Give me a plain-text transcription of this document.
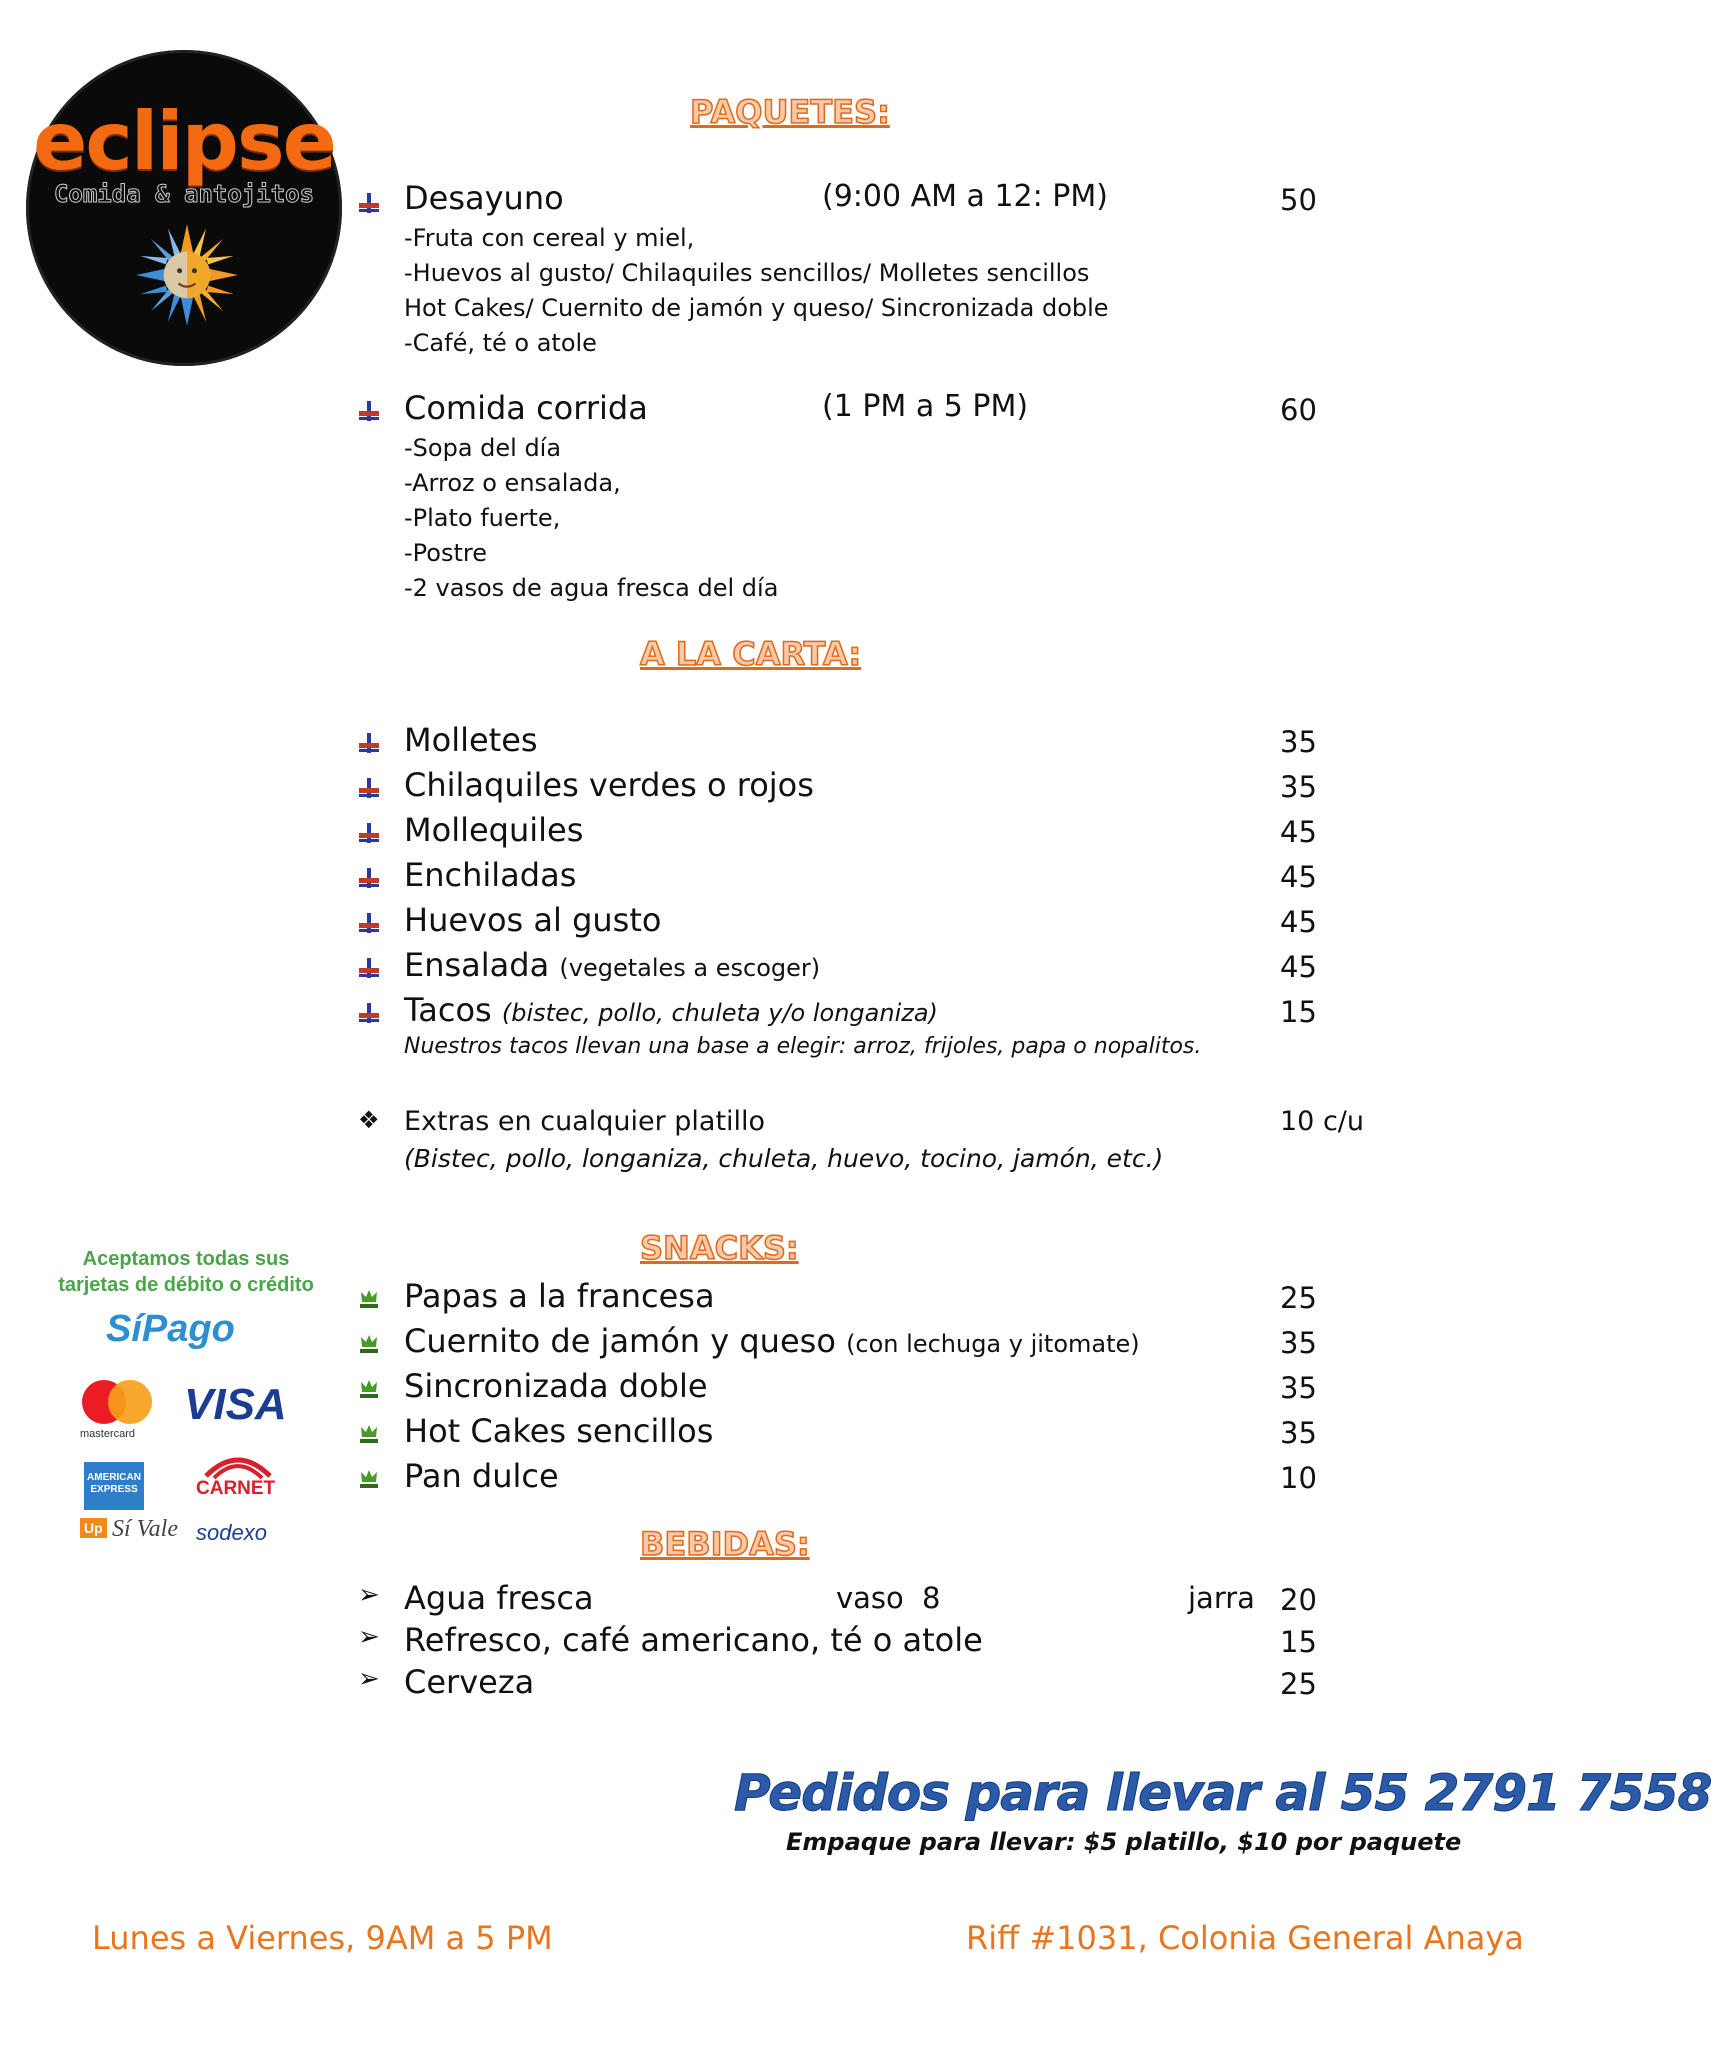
eclipse
Comida & antojitos
PAQUETES:
Desayuno	(9:00 AM a 12: PM)	50
-Fruta con cereal y miel,
-Huevos al gusto/ Chilaquiles sencillos/ Molletes sencillos
Hot Cakes/ Cuernito de jamón y queso/ Sincronizada doble
-Café, té o atole
Comida corrida	(1 PM a 5 PM)	60
-Sopa del día
-Arroz o ensalada,
-Plato fuerte,
-Postre
-2 vasos de agua fresca del día
A LA CARTA:
Molletes	35
Chilaquiles verdes o rojos	35
Mollequiles	45
Enchiladas	45
Huevos al gusto	45
Ensalada (vegetales a escoger)	45
Tacos (bistec, pollo, chuleta y/o longaniza)	15
Nuestros tacos llevan una base a elegir: arroz, frijoles, papa o nopalitos.
❖ Extras en cualquier platillo	10 c/u
(Bistec, pollo, longaniza, chuleta, huevo, tocino, jamón, etc.)
SNACKS:
Papas a la francesa	25
Cuernito de jamón y queso (con lechuga y jitomate)	35
Sincronizada doble	35
Hot Cakes sencillos	35
Pan dulce	10
BEBIDAS:
➢ Agua fresca	vaso 8	jarra 20
➢ Refresco, café americano, té o atole	15
➢ Cerveza	25
Aceptamos todas sus
tarjetas de débito o crédito
SíPago
mastercard
VISA
AMERICAN EXPRESS	CARNET
Up Sí Vale sodexo
Pedidos para llevar al 55 2791 7558
Empaque para llevar: $5 platillo, $10 por paquete
Lunes a Viernes, 9AM a 5 PM	Riff #1031, Colonia General Anaya
